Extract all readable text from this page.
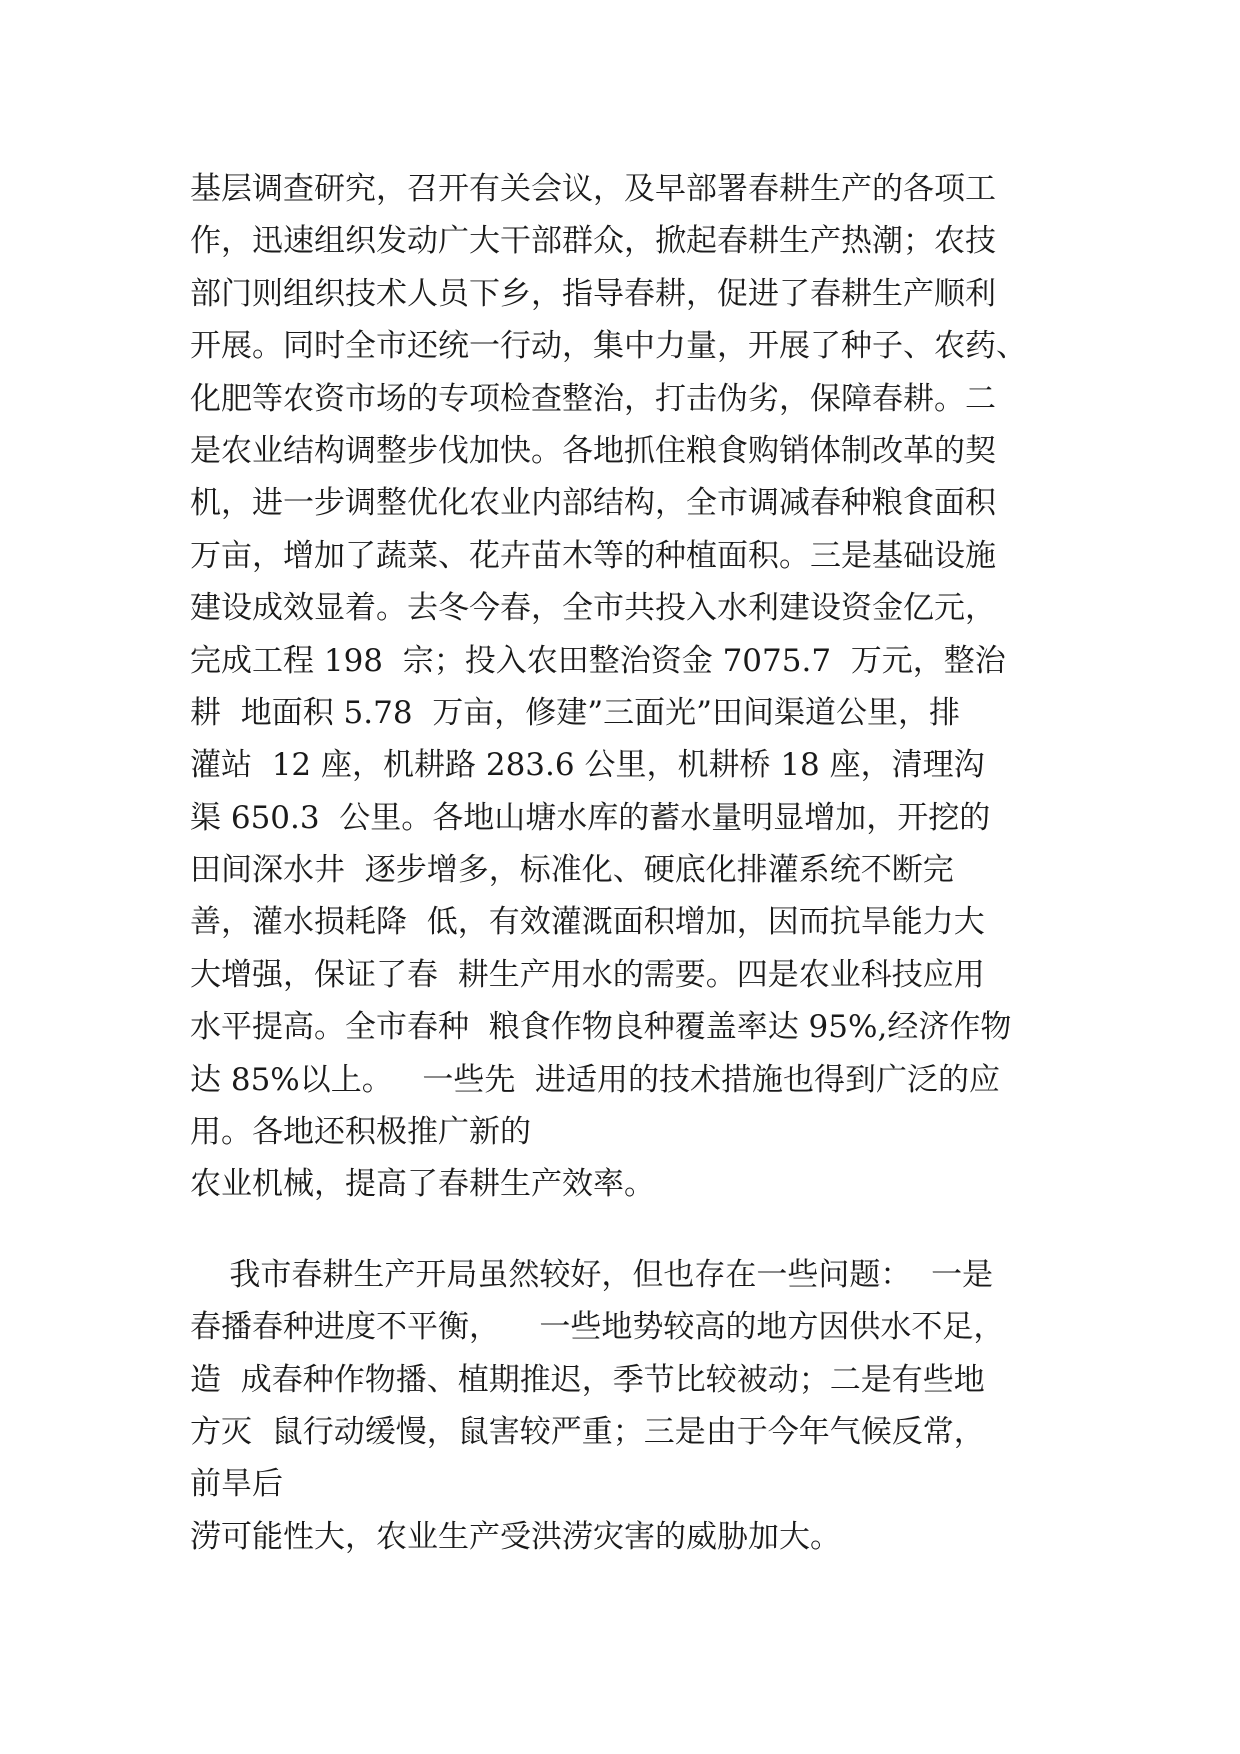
基层调查研究，召开有关会议，及早部署春耕生产的各项工
作，迅速组织发动广大干部群众，掀起春耕生产热潮；农技
部门则组织技术人员下乡，指导春耕，促进了春耕生产顺利
开展。同时全市还统一行动，集中力量，开展了种子、农药、
化肥等农资市场的专项检查整治，打击伪劣，保障春耕。二
是农业结构调整步伐加快。各地抓住粮食购销体制改革的契
机，进一步调整优化农业内部结构，全市调减春种粮食面积
万亩，增加了蔬菜、花卉苗木等的种植面积。三是基础设施
建设成效显着。去冬今春，全市共投入水利建设资金亿元，
完成工程 198  宗；投入农田整治资金 7075.7  万元，整治
耕  地面积 5.78  万亩，修建”三面光”田间渠道公里，排
灌站  12 座，机耕路 283.6 公里，机耕桥 18 座，清理沟
渠 650.3  公里。各地山塘水库的蓄水量明显增加，开挖的
田间深水井  逐步增多，标准化、硬底化排灌系统不断完
善，灌水损耗降  低，有效灌溉面积增加，因而抗旱能力大
大增强，保证了春  耕生产用水的需要。四是农业科技应用
水平提高。全市春种  粮食作物良种覆盖率达 95%,经济作物
达 85%以上。   一些先  进适用的技术措施也得到广泛的应
用。各地还积极推广新的
农业机械，提高了春耕生产效率。
我市春耕生产开局虽然较好，但也存在一些问题：  一是
春播春种进度不平衡，    一些地势较高的地方因供水不足，
造  成春种作物播、植期推迟，季节比较被动；二是有些地
方灭  鼠行动缓慢，鼠害较严重；三是由于今年气候反常，
前旱后
涝可能性大，农业生产受洪涝灾害的威胁加大。
